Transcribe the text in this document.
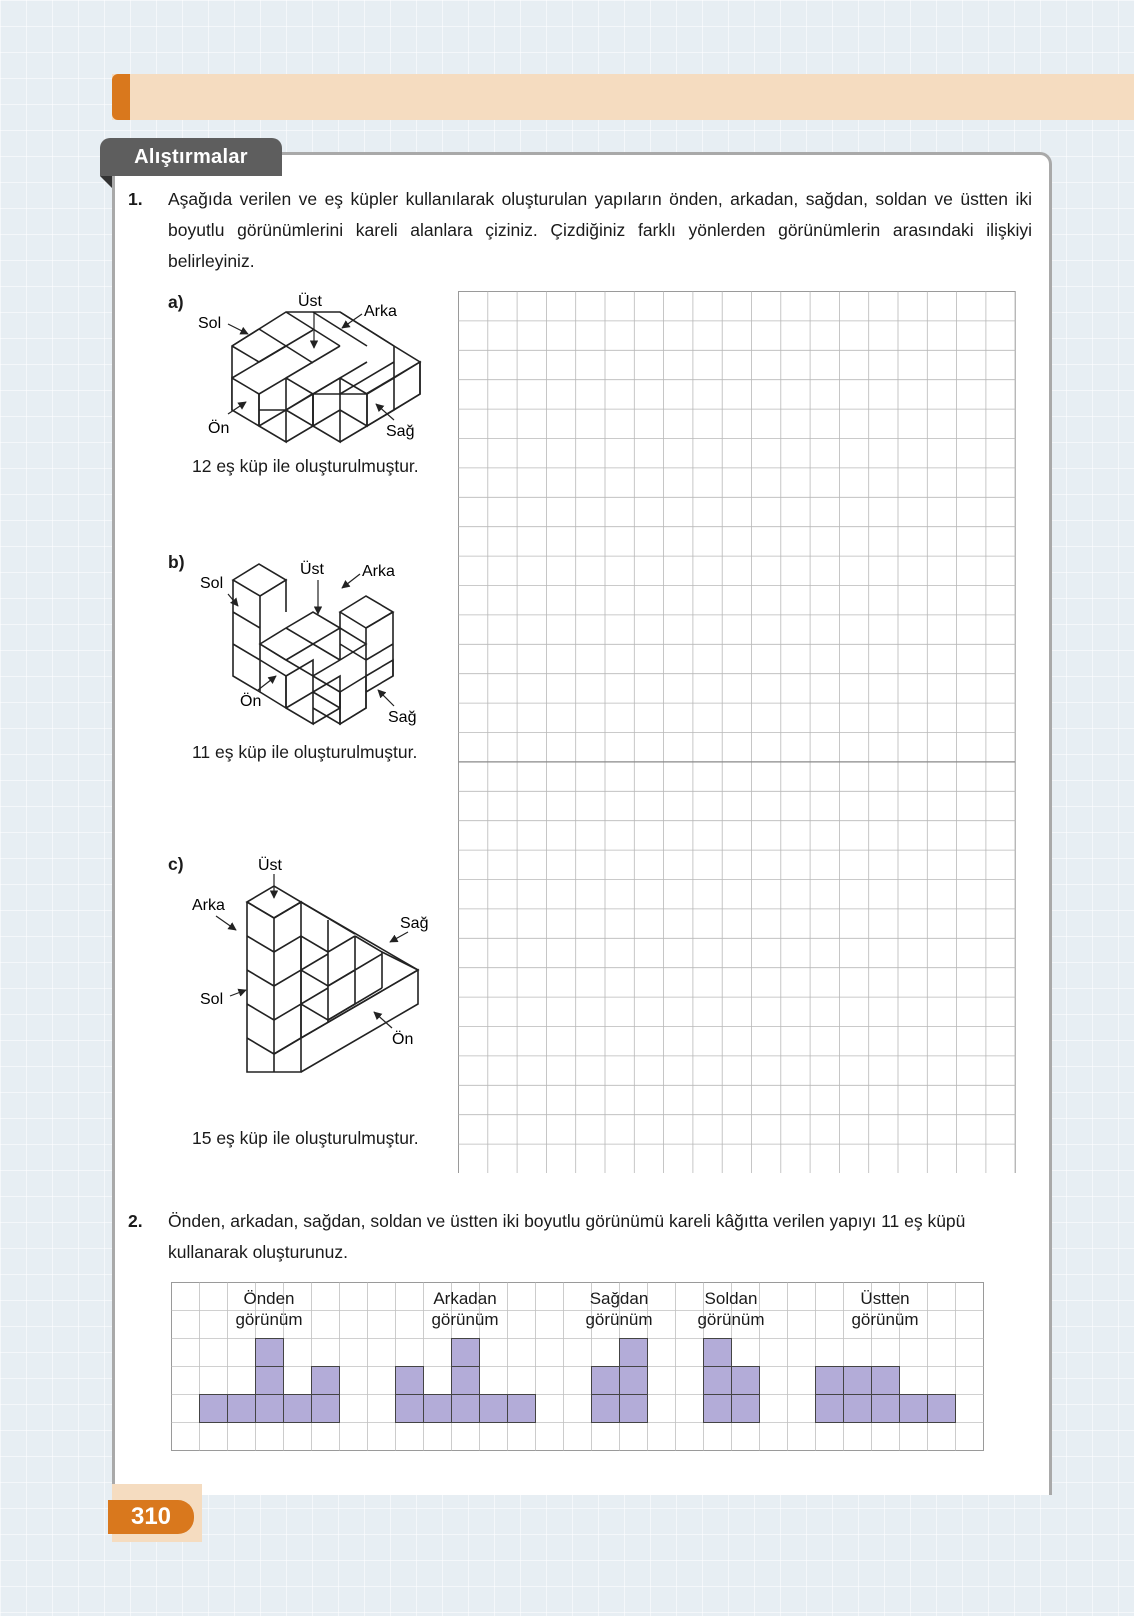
Alıştırmalar
1. Aşağıda verilen ve eş küpler kullanılarak oluşturulan yapıların önden, arkadan, sağdan, soldan ve üstten iki boyutlu görünümlerini kareli alanlara çiziniz. Çizdiğiniz farklı yönlerden görünümlerin arasındaki ilişkiyi belirleyiniz.
a)
Sol
Üst
Arka
Ön	Sağ
12 eş küp ile oluşturulmuştur.
b)
Sol
Üst Arka
Ön
Sağ
11 eş küp ile oluşturulmuştur.
c)	Üst
Arka
Sağ
Sol
Ön
15 eş küp ile oluşturulmuştur.
2. Önden, arkadan, sağdan, soldan ve üstten iki boyutlu görünümü kareli kâğıtta verilen yapıyı 11 eş küpü kullanarak oluşturunuz.
Önden
görünüm
Arkadan
görünüm
Sağdan
görünüm
Soldan
görünüm
Üstten
görünüm
310
